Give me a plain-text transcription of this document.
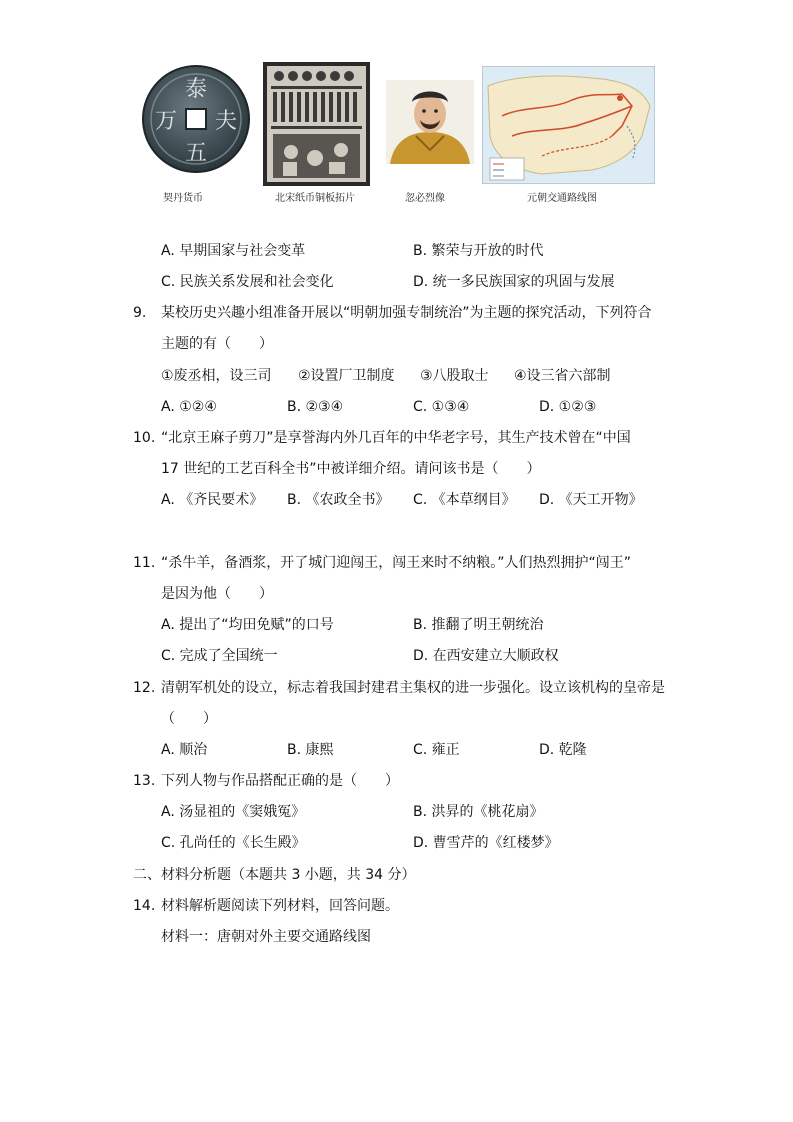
泰
夫
万
五
契丹货币	北宋纸币铜板拓片	忽必烈像	元朝交通路线图
A. 早期国家与社会变革	B. 繁荣与开放的时代
C. 民族关系发展和社会变化	D. 统一多民族国家的巩固与发展
9. 某校历史兴趣小组准备开展以“明朝加强专制统治”为主题的探究活动，下列符合
主题的有（　　）
①废丞相，设三司 ②设置厂卫制度 ③八股取士 ④设三省六部制
A. ①②④	B. ②③④	C. ①③④	D. ①②③
10. “北京王麻子剪刀”是享誉海内外几百年的中华老字号，其生产技术曾在“中国
17 世纪的工艺百科全书”中被详细介绍。请问该书是（　　）
A. 《齐民要术》 B. 《农政全书》 C. 《本草纲目》 D. 《天工开物》
11. “杀牛羊，备酒浆，开了城门迎闯王，闯王来时不纳粮。”人们热烈拥护“闯王”
是因为他（　　）
A. 提出了“均田免赋”的口号	B. 推翻了明王朝统治
C. 完成了全国统一	D. 在西安建立大顺政权
12. 清朝军机处的设立，标志着我国封建君主集权的进一步强化。设立该机构的皇帝是
（　　）
A. 顺治	B. 康熙	C. 雍正	D. 乾隆
13. 下列人物与作品搭配正确的是（　　）
A. 汤显祖的《窦娥冤》	B. 洪昇的《桃花扇》
C. 孔尚任的《长生殿》	D. 曹雪芹的《红楼梦》
二、材料分析题（本题共 3 小题，共 34 分）
14. 材料解析题阅读下列材料，回答问题。
材料一：唐朝对外主要交通路线图
